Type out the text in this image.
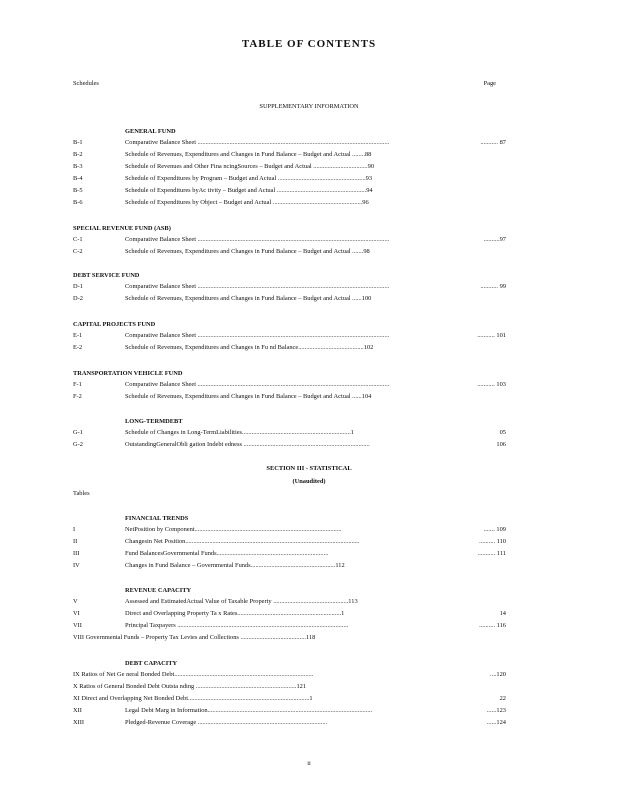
TABLE OF CONTENTS
Schedules	Page
SUPPLEMENTARY INFORMATION
GENERAL FUND
B-1	Comparative Balance Sheet ........................................................................................................................	........... 87
B-2	Schedule of Revenues, Expenditures and Changes in Fund Balance – Budget and Actual ........88
B-3	Schedule of Revenues and Other Fina ncingSources – Budget and Actual ..................................90
B-4	Schedule of Expenditures by Program – Budget and Actual .......................................................93
B-5	Schedule of Expenditures byAc tivity – Budget and Actual ........................................................94
B-6	Schedule of Expenditures by Object – Budget and Actual ........................................................96
SPECIAL REVENUE FUND (ASB)
C-1	Comparative Balance Sheet ........................................................................................................................	..........97
C-2	Schedule of Revenues, Expenditures and Changes in Fund Balance – Budget and Actual .......98
DEBT SERVICE FUND
D-1	Comparative Balance Sheet ........................................................................................................................	........... 99
D-2	Schedule of Revenues, Expenditures and Changes in Fund Balance – Budget and Actual ......100
CAPITAL PROJECTS FUND
E-1	Comparative Balance Sheet ........................................................................................................................	........... 101
E-2	Schedule of Revenues, Expenditures and Changes in Fu nd Balance.........................................102
TRANSPORTATION VEHICLE FUND
F-1	Comparative Balance Sheet ........................................................................................................................	........... 103
F-2	Schedule of Revenues, Expenditures and Changes in Fund Balance – Budget and Actual ......104
LONG-TERMDEBT
G-1	Schedule of Changes in Long-TermLiabilities....................................................................1	05
G-2	OutstandingGeneralObli gation Indebt edness ...............................................................................	106
SECTION III - STATISTICAL
(Unaudited)
Tables
FINANCIAL TRENDS
I	NetPosition by Component............................................................................................	....... 109
II	Changesin Net Position.............................................................................................................	.......... 110
III	Fund BalancesGovernmental Funds......................................................................	........... 111
IV	Changes in Fund Balance – Governmental Funds.....................................................112
REVENUE CAPACITY
V	Assessed and EstimatedActual Value of Taxable Property ...............................................113
VI	Direct and Overlapping Property Ta x Rates.................................................................1	14
VII	Principal Taxpayers ...........................................................................................................	.......... 116
VIII Governmental Funds – Property Tax Levies and Collections .........................................118
DEBT CAPACITY
IX Ratios of Net Ge neral Bonded Debt.......................................................................................	....120
X Ratios of General Bonded Debt Outsta nding ...............................................................121
XI Direct and Overlapping Net Bonded Debt............................................................................1	22
XII	Legal Debt Marg in Information.......................................................................................................	......123
XIII	Pledged-Revenue Coverage .................................................................................	......124
ii
